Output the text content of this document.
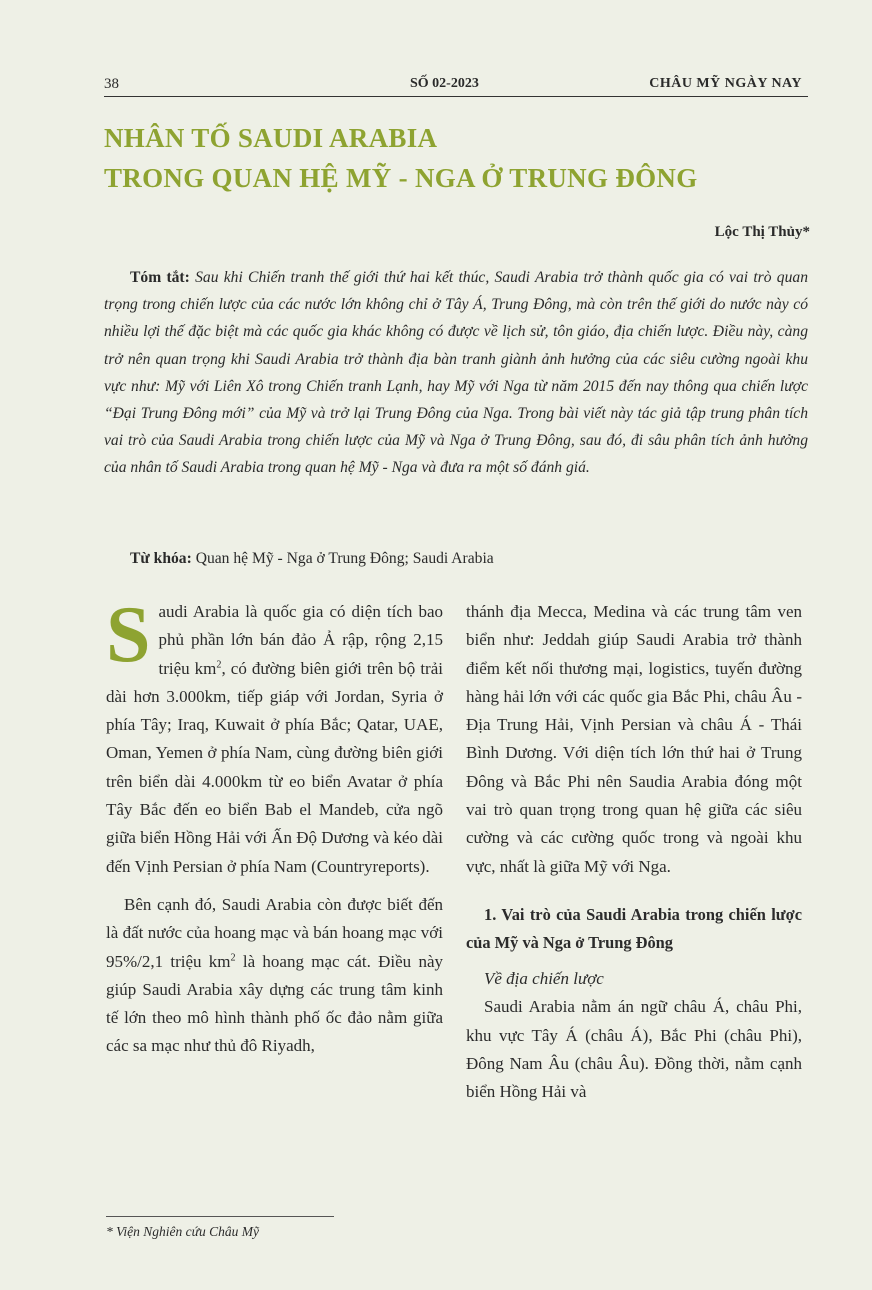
38	SỐ 02-2023	CHÂU MỸ NGÀY NAY
NHÂN TỐ SAUDI ARABIA
TRONG QUAN HỆ MỸ - NGA Ở TRUNG ĐÔNG
Lộc Thị Thủy*
Tóm tắt: Sau khi Chiến tranh thế giới thứ hai kết thúc, Saudi Arabia trở thành quốc gia có vai trò quan trọng trong chiến lược của các nước lớn không chỉ ở Tây Á, Trung Đông, mà còn trên thế giới do nước này có nhiều lợi thế đặc biệt mà các quốc gia khác không có được về lịch sử, tôn giáo, địa chiến lược. Điều này, càng trở nên quan trọng khi Saudi Arabia trở thành địa bàn tranh giành ảnh hưởng của các siêu cường ngoài khu vực như: Mỹ với Liên Xô trong Chiến tranh Lạnh, hay Mỹ với Nga từ năm 2015 đến nay thông qua chiến lược “Đại Trung Đông mới” của Mỹ và trở lại Trung Đông của Nga. Trong bài viết này tác giả tập trung phân tích vai trò của Saudi Arabia trong chiến lược của Mỹ và Nga ở Trung Đông, sau đó, đi sâu phân tích ảnh hưởng của nhân tố Saudi Arabia trong quan hệ Mỹ - Nga và đưa ra một số đánh giá.
Từ khóa: Quan hệ Mỹ - Nga ở Trung Đông; Saudi Arabia

Saudi Arabia là quốc gia có diện tích bao phủ phần lớn bán đảo Ả rập, rộng 2,15 triệu $km^2$, có đường biên giới trên bộ trải dài hơn 3.000km, tiếp giáp với Jordan, Syria ở phía Tây; Iraq, Kuwait ở phía Bắc; Qatar, UAE, Oman, Yemen ở phía Nam, cùng đường biên giới trên biển dài 4.000km từ eo biển Avatar ở phía Tây Bắc đến eo biển Bab el Mandeb, cửa ngõ giữa biển Hồng Hải với Ấn Độ Dương và kéo dài đến Vịnh Persian ở phía Nam (Countryreports).

Bên cạnh đó, Saudi Arabia còn được biết đến là đất nước của hoang mạc và bán hoang mạc với 95%/2,1 triệu $km^2$ là hoang mạc cát. Điều này giúp Saudi Arabia xây dựng các trung tâm kinh tế lớn theo mô hình thành phố ốc đảo nằm giữa các sa mạc như thủ đô Riyadh,

thánh địa Mecca, Medina và các trung tâm ven biển như: Jeddah giúp Saudi Arabia trở thành điểm kết nối thương mại, logistics, tuyến đường hàng hải lớn với các quốc gia Bắc Phi, châu Âu - Địa Trung Hải, Vịnh Persian và châu Á - Thái Bình Dương. Với diện tích lớn thứ hai ở Trung Đông và Bắc Phi nên Saudia Arabia đóng một vai trò quan trọng trong quan hệ giữa các siêu cường và các cường quốc trong và ngoài khu vực, nhất là giữa Mỹ với Nga.

1. Vai trò của Saudi Arabia trong chiến lược của Mỹ và Nga ở Trung Đông

Về địa chiến lược

Saudi Arabia nằm án ngữ châu Á, châu Phi, khu vực Tây Á (châu Á), Bắc Phi (châu Phi), Đông Nam Âu (châu Âu). Đồng thời, nằm cạnh biển Hồng Hải và

* Viện Nghiên cứu Châu Mỹ
